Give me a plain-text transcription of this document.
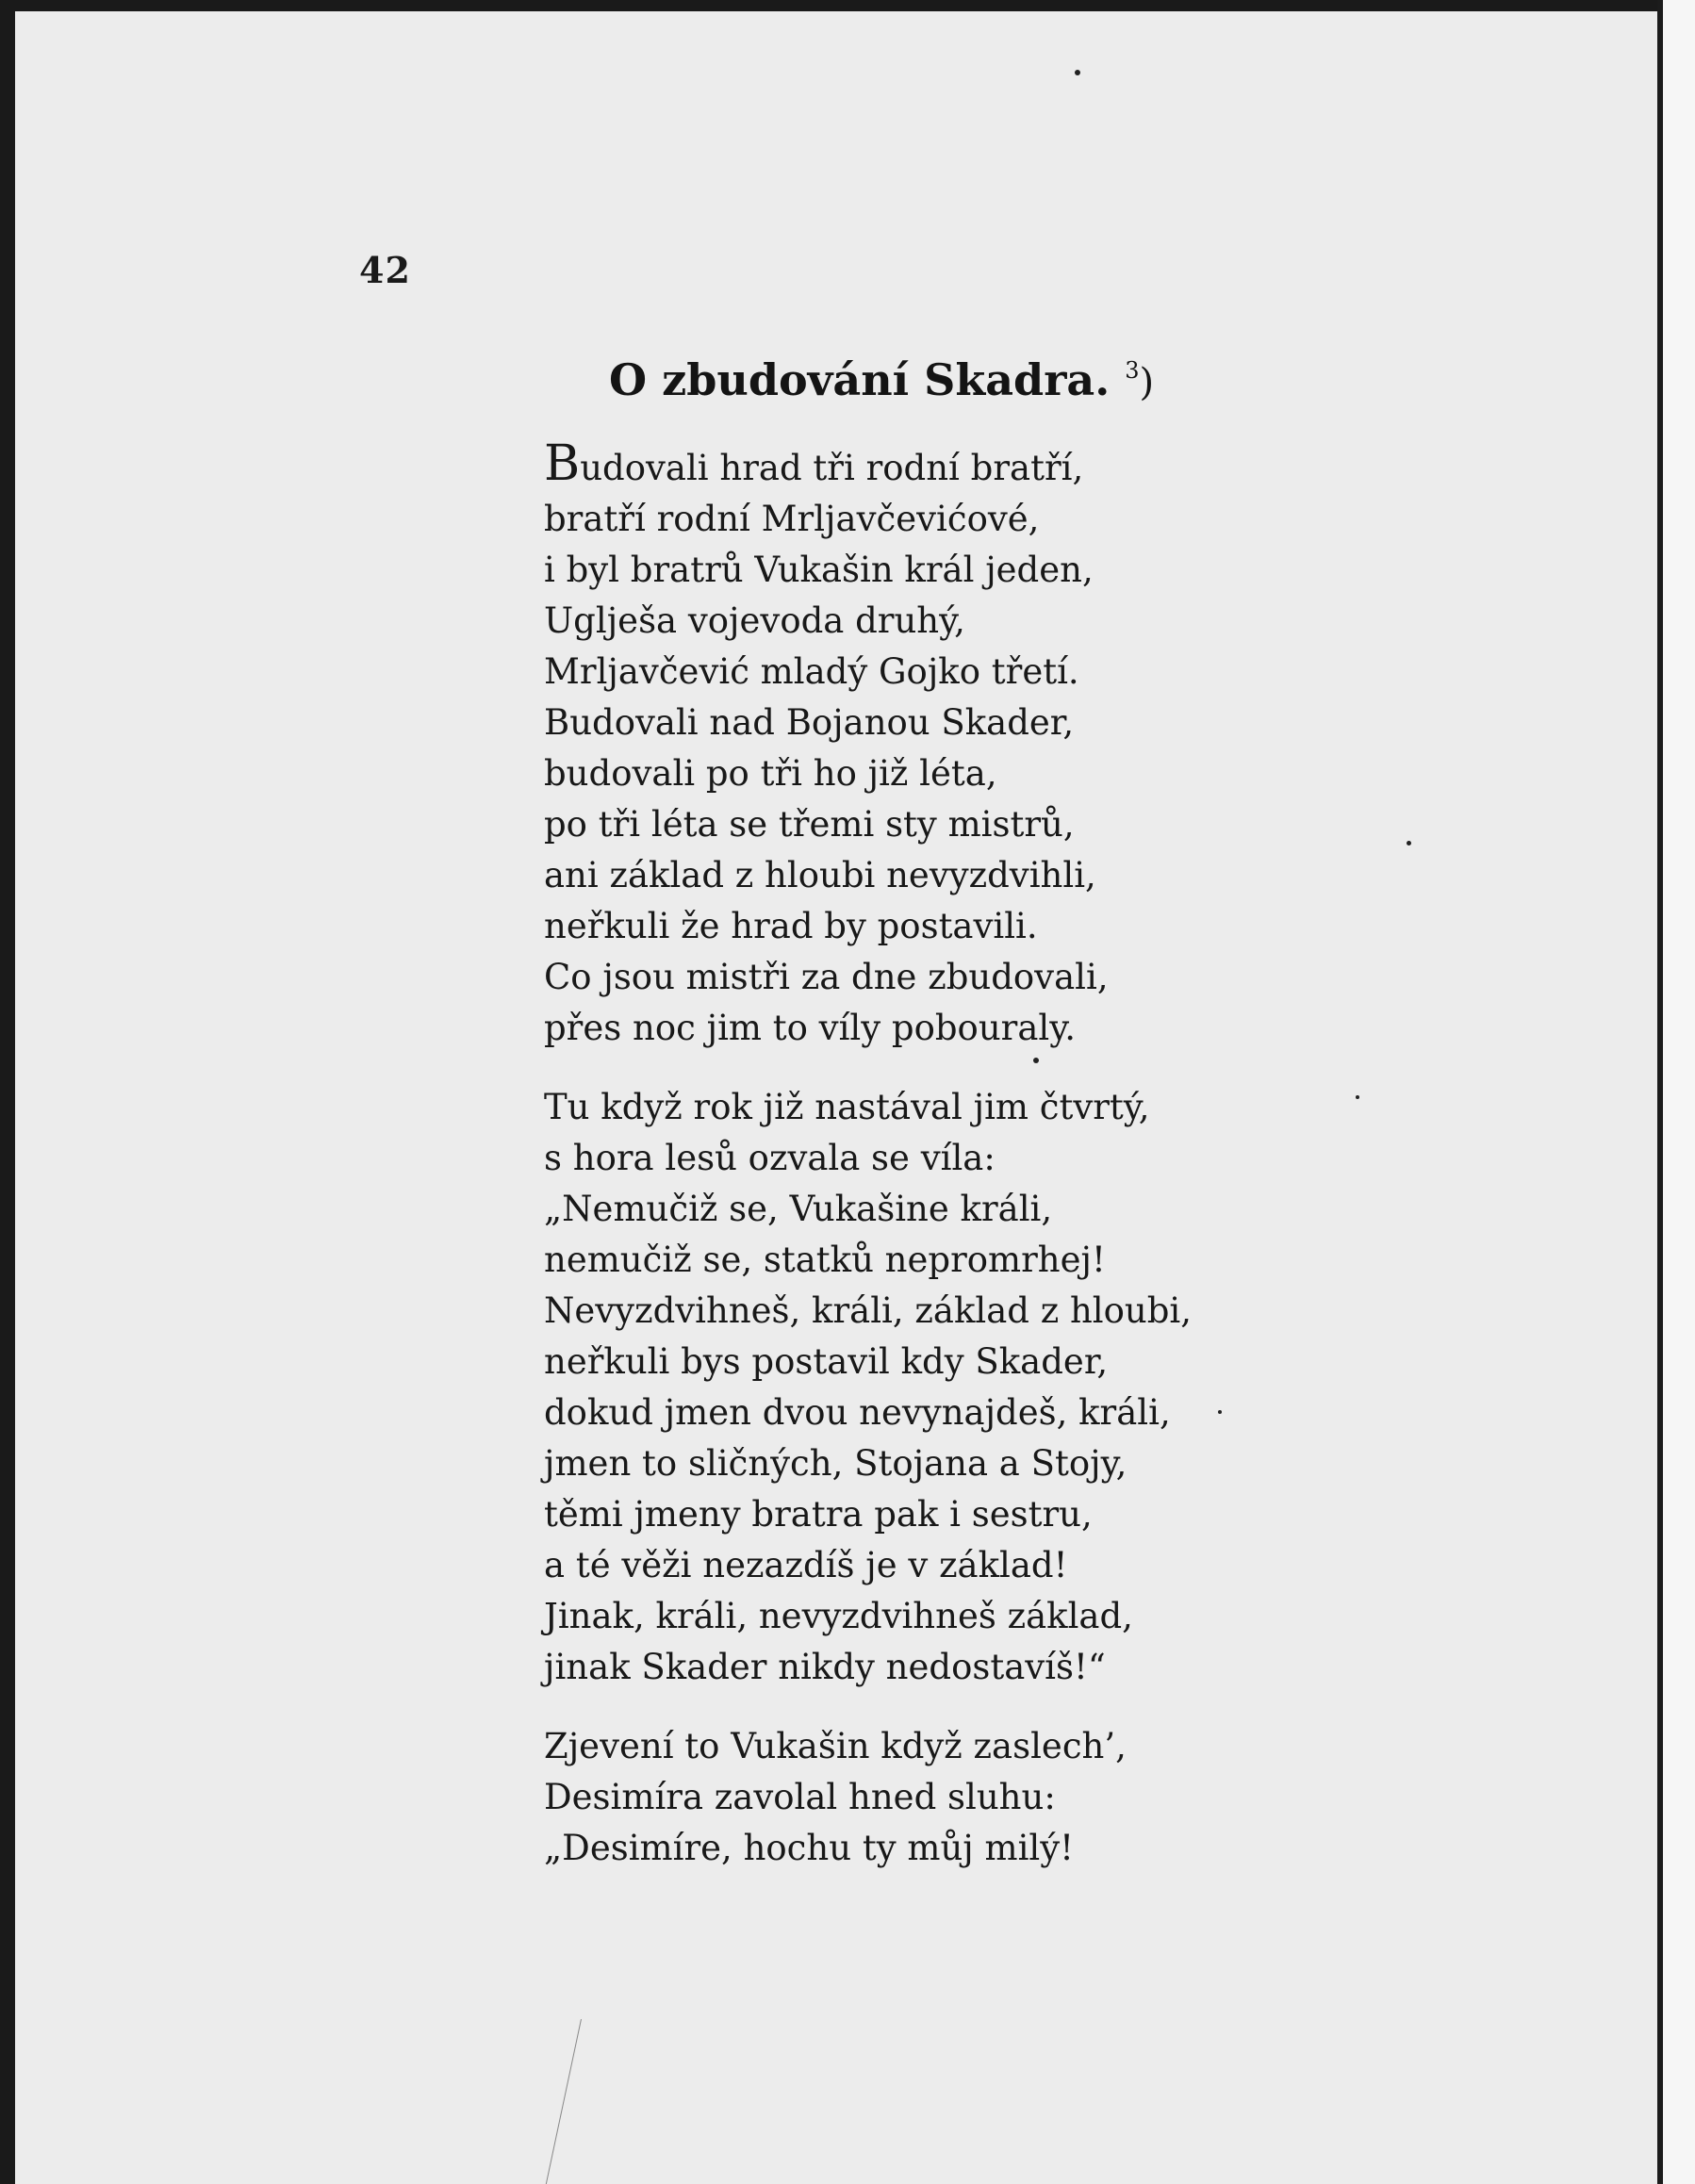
42
O zbudování Skadra. $^3$)
Budovali hrad tři rodní bratří,
bratří rodní Mrljavčevićové,
i byl bratrů Vukašin král jeden,
Uglješa vojevoda druhý,
Mrljavčević mladý Gojko třetí.
Budovali nad Bojanou Skader,
budovali po tři ho již léta,
po tři léta se třemi sty mistrů,
ani základ z hloubi nevyzdvihli,
neřkuli že hrad by postavili.
Co jsou mistři za dne zbudovali,
přes noc jim to víly pobouraly.
Tu když rok již nastával jim čtvrtý,
s hora lesů ozvala se víla:
„Nemučiž se, Vukašine králi,
nemučiž se, statků nepromrhej!
Nevyzdvihneš, králi, základ z hloubi,
neřkuli bys postavil kdy Skader,
dokud jmen dvou nevynajdeš, králi,
jmen to sličných, Stojana a Stojy,
těmi jmeny bratra pak i sestru,
a té věži nezazdíš je v základ!
Jinak, králi, nevyzdvihneš základ,
jinak Skader nikdy nedostavíš!“
Zjevení to Vukašin když zaslech’,
Desimíra zavolal hned sluhu:
„Desimíre, hochu ty můj milý!
